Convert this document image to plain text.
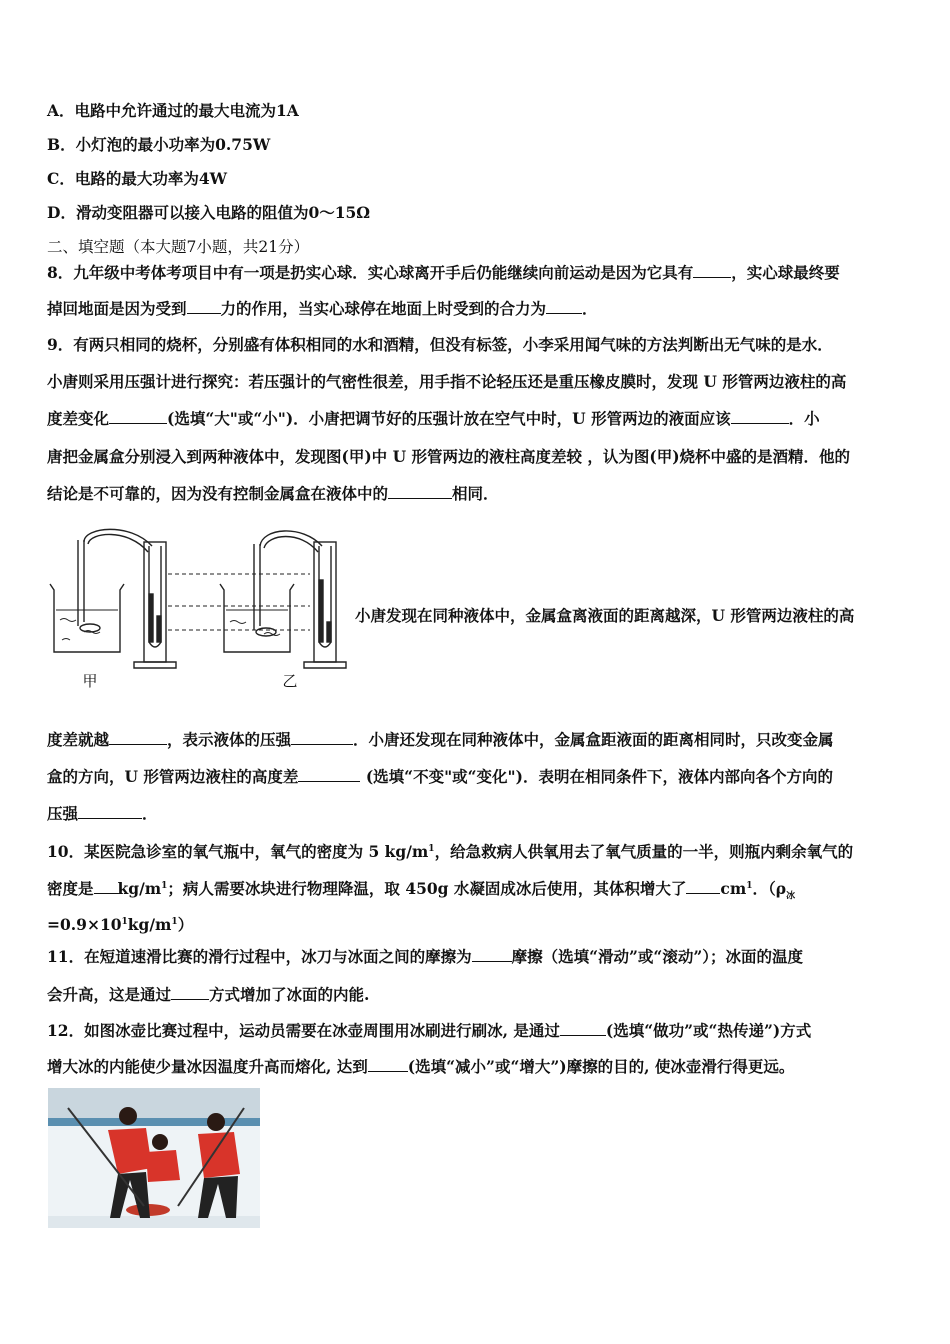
A．电路中允许通过的最大电流为1A
B．小灯泡的最小功率为0.75W
C．电路的最大功率为4W
D．滑动变阻器可以接入电路的阻值为0～15Ω
二、填空题（本大题7小题，共21分）
8．九年级中考体考项目中有一项是扔实心球．实心球离开手后仍能继续向前运动是因为它具有 ，实心球最终要
掉回地面是因为受到 力的作用，当实心球停在地面上时受到的合力为 ．
9．有两只相同的烧杯，分别盛有体积相同的水和酒精，但没有标签，小李采用闻气味的方法判断出无气味的是水．
小唐则采用压强计进行探究：若压强计的气密性很差，用手指不论轻压还是重压橡皮膜时，发现 U 形管两边液柱的高
度差变化	(选填“大"或“小")．小唐把调节好的压强计放在空气中时，U 形管两边的液面应该	．小
唐把金属盒分别浸入到两种液体中，发现图(甲)中 U 形管两边的液柱高度差较 ，认为图(甲)烧杯中盛的是酒精．他的
结论是不可靠的，因为没有控制金属盒在液体中的	相同．
甲	乙
小唐发现在同种液体中，金属盒离液面的距离越深，U 形管两边液柱的高
度差就越	，表示液体的压强	．小唐还发现在同种液体中，金属盒距液面的距离相同时，只改变金属
盒的方向，U 形管两边液柱的高度差	(选填“不变"或“变化")．表明在相同条件下，液体内部向各个方向的
压强	．
10．某医院急诊室的氧气瓶中，氧气的密度为 5 $kg/m^1$，给急救病人供氧用去了氧气质量的一半，则瓶内剩余氧气的
密度是 $kg/m^1$；病人需要冰块进行物理降温，取 450g 水凝固成冰后使用，其体积增大了 $cm^1$．（$\rho_冰$
$=0.9\times 10^1kg/m^1$）
11．在短道速滑比赛的滑行过程中，冰刀与冰面之间的摩擦为	摩擦（选填“滑动”或“滚动”）；冰面的温度
会升高，这是通过 方式增加了冰面的内能.
12．如图冰壶比赛过程中，运动员需要在冰壶周围用冰刷进行刷冰, 是通过	(选填“做功”或“热传递”)方式
增大冰的内能使少量冰因温度升高而熔化, 达到	(选填“减小”或“增大”)摩擦的目的, 使冰壶滑行得更远。
